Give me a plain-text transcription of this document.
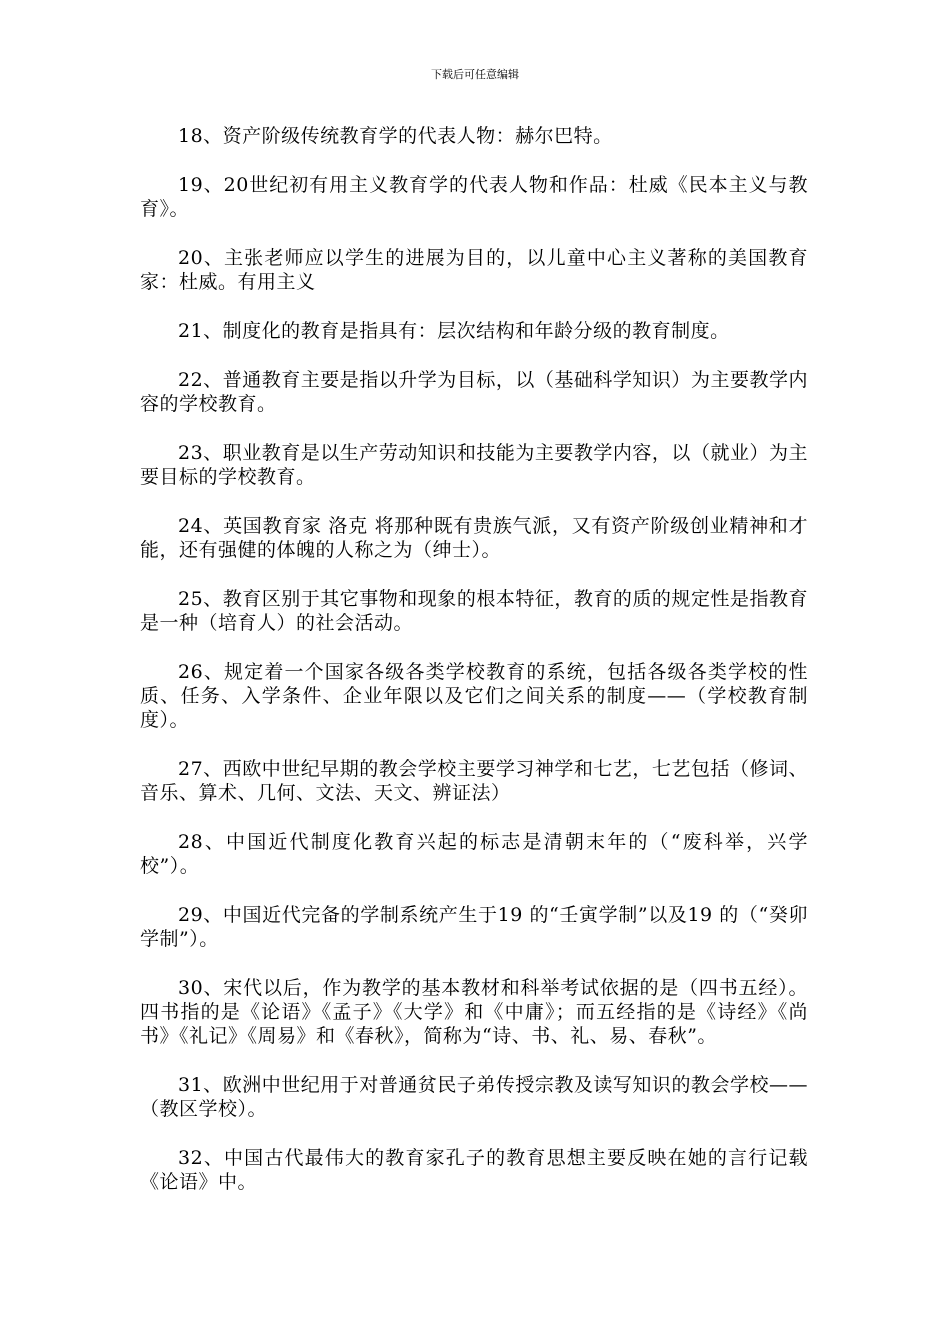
下载后可任意编辑

18、资产阶级传统教育学的代表人物：赫尔巴特。

19、20世纪初有用主义教育学的代表人物和作品：杜威《民本主义与教育》。

20、主张老师应以学生的进展为目的，以儿童中心主义著称的美国教育家：杜威。有用主义

21、制度化的教育是指具有：层次结构和年龄分级的教育制度。

22、普通教育主要是指以升学为目标，以（基础科学知识）为主要教学内容的学校教育。

23、职业教育是以生产劳动知识和技能为主要教学内容，以（就业）为主要目标的学校教育。

24、英国教育家 洛克 将那种既有贵族气派，又有资产阶级创业精神和才能，还有强健的体魄的人称之为（绅士）。

25、教育区别于其它事物和现象的根本特征，教育的质的规定性是指教育是一种（培育人）的社会活动。

26、规定着一个国家各级各类学校教育的系统，包括各级各类学校的性质、任务、入学条件、企业年限以及它们之间关系的制度——（学校教育制度）。

27、西欧中世纪早期的教会学校主要学习神学和七艺，七艺包括（修词、音乐、算术、几何、文法、天文、辨证法）

28、中国近代制度化教育兴起的标志是清朝末年的（“废科举，兴学校”）。

29、中国近代完备的学制系统产生于19 的“壬寅学制”以及19 的（“癸卯学制”）。

30、宋代以后，作为教学的基本教材和科举考试依据的是（四书五经）。四书指的是《论语》《孟子》《大学》和《中庸》；而五经指的是《诗经》《尚书》《礼记》《周易》和《春秋》，简称为“诗、书、礼、易、春秋”。

31、欧洲中世纪用于对普通贫民子弟传授宗教及读写知识的教会学校——（教区学校）。

32、中国古代最伟大的教育家孔子的教育思想主要反映在她的言行记载《论语》中。
